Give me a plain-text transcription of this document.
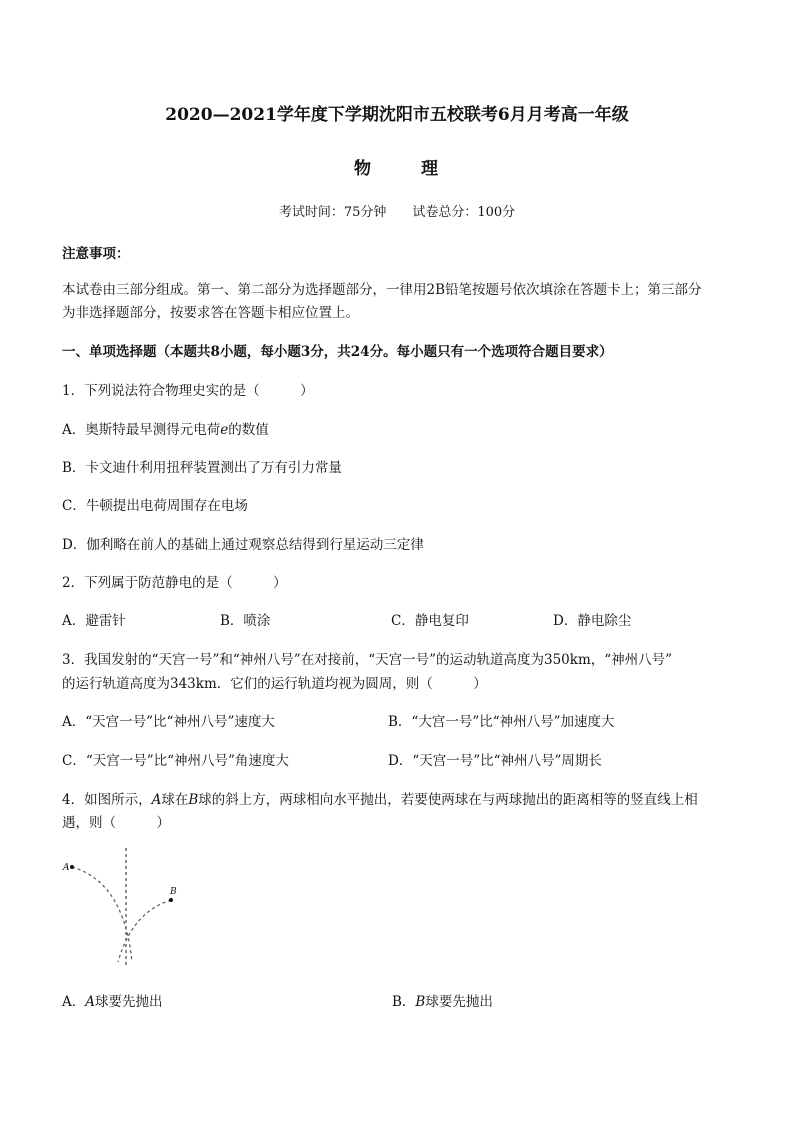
2020—2021学年度下学期沈阳市五校联考6月月考高一年级
物	理
考试时间：75分钟 试卷总分：100分
注意事项：
本试卷由三部分组成。第一、第二部分为选择题部分，一律用2B铅笔按题号依次填涂在答题卡上；第三部分
为非选择题部分，按要求答在答题卡相应位置上。
一、单项选择题（本题共8小题，每小题3分，共24分。每小题只有一个选项符合题目要求）
1．下列说法符合物理史实的是（　　　）
A．奥斯特最早测得元电荷e的数值
B．卡文迪什利用扭秤装置测出了万有引力常量
C．牛顿提出电荷周围存在电场
D．伽利略在前人的基础上通过观察总结得到行星运动三定律
2．下列属于防范静电的是（　　　）
A．避雷针	B．喷涂	C．静电复印	D．静电除尘
3．我国发射的“天宫一号”和“神州八号”在对接前，“天宫一号”的运动轨道高度为350km，“神州八号”
的运行轨道高度为343km．它们的运行轨道均视为圆周，则（　　　）
A．“天宫一号”比“神州八号”速度大	B．“大宫一号”比“神州八号”加速度大
C．“天宫一号”比“神州八号”角速度大	D．“天宫一号”比“神州八号”周期长
4．如图所示，A球在B球的斜上方，两球相向水平抛出，若要使两球在与两球抛出的距离相等的竖直线上相
遇，则（　　　）
A
B
A．A球要先抛出	B．B球要先抛出
